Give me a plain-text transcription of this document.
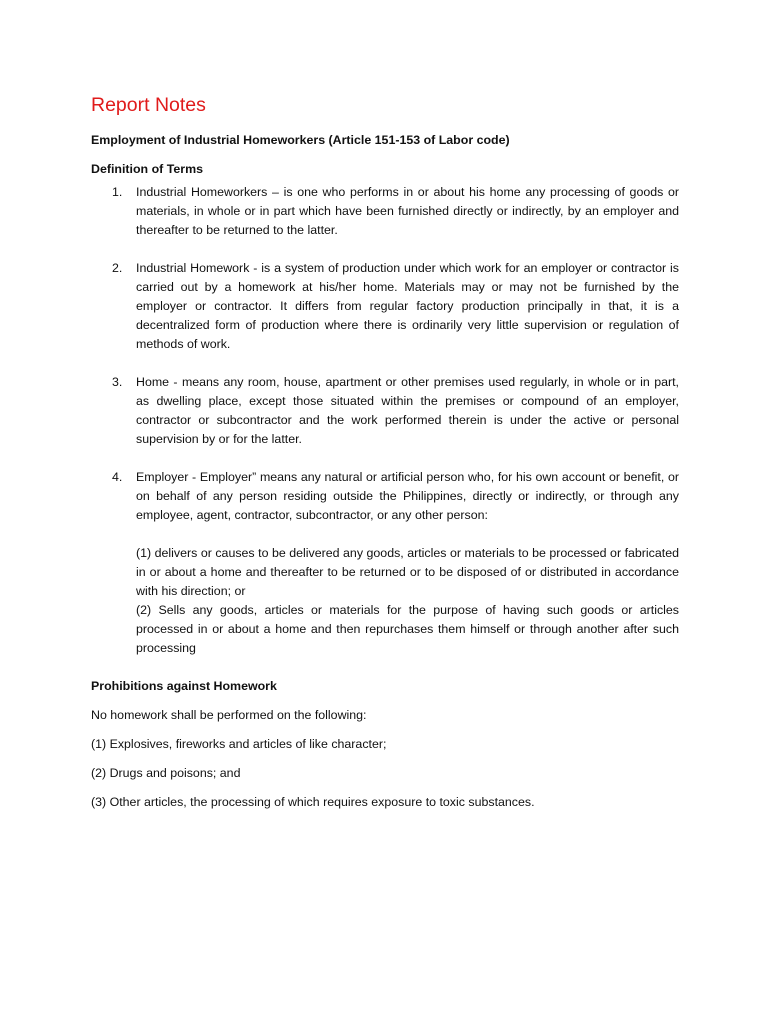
Report Notes

Employment of Industrial Homeworkers (Article 151-153 of Labor code)

Definition of Terms

1. Industrial Homeworkers – is one who performs in or about his home any processing of goods or materials, in whole or in part which have been furnished directly or indirectly, by an employer and thereafter to be returned to the latter.
2. Industrial Homework - is a system of production under which work for an employer or contractor is carried out by a homework at his/her home. Materials may or may not be furnished by the employer or contractor. It differs from regular factory production principally in that, it is a decentralized form of production where there is ordinarily very little supervision or regulation of methods of work.
3. Home - means any room, house, apartment or other premises used regularly, in whole or in part, as dwelling place, except those situated within the premises or compound of an employer, contractor or subcontractor and the work performed therein is under the active or personal supervision by or for the latter.
4. Employer - Employer” means any natural or artificial person who, for his own account or benefit, or on behalf of any person residing outside the Philippines, directly or indirectly, or through any employee, agent, contractor, subcontractor, or any other person:

(1) delivers or causes to be delivered any goods, articles or materials to be processed or fabricated in or about a home and thereafter to be returned or to be disposed of or distributed in accordance with his direction; or

(2) Sells any goods, articles or materials for the purpose of having such goods or articles processed in or about a home and then repurchases them himself or through another after such processing

Prohibitions against Homework

No homework shall be performed on the following:

(1) Explosives, fireworks and articles of like character;

(2) Drugs and poisons; and

(3) Other articles, the processing of which requires exposure to toxic substances.
